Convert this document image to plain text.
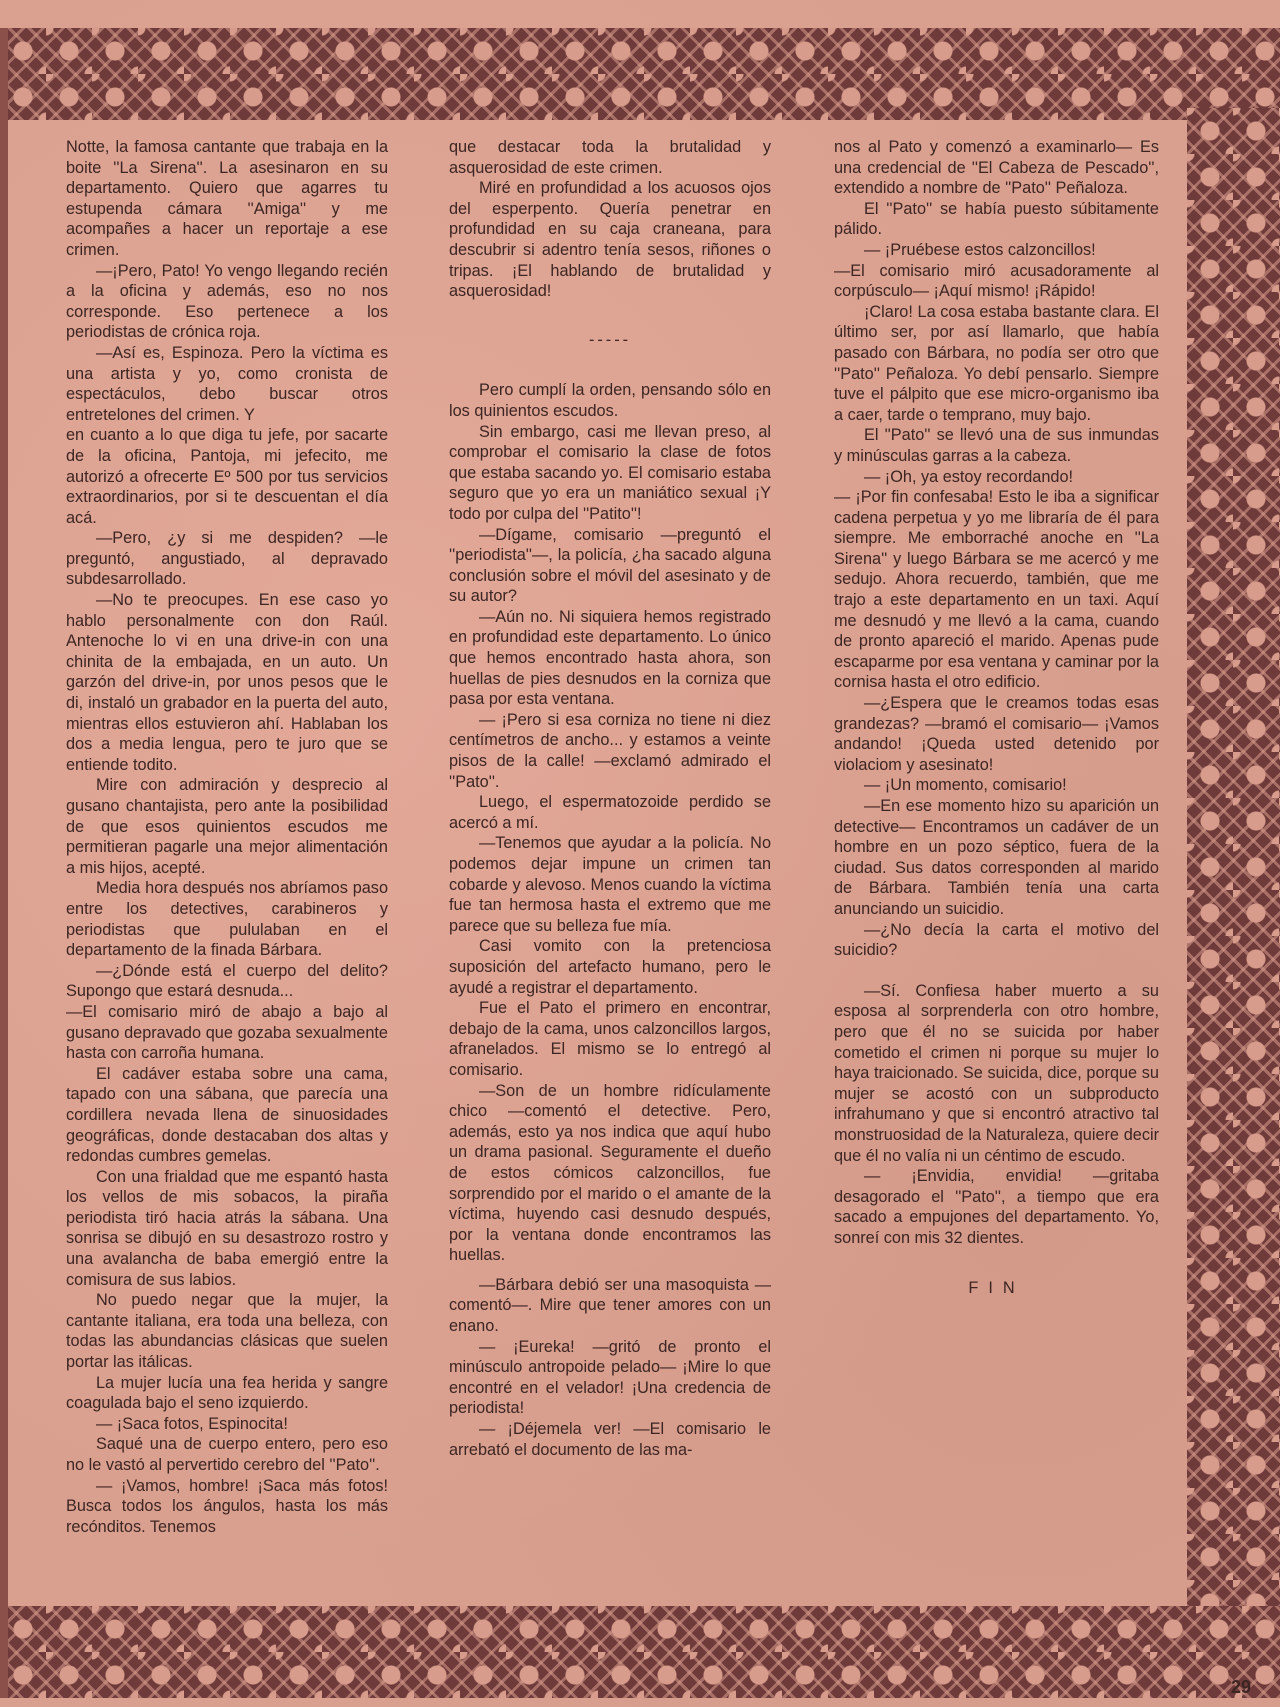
Notte, la famosa cantante que trabaja en la boite ''La Sirena''. La asesinaron en su departamento. Quiero que agarres tu estupenda cámara ''Amiga'' y me acompañes a hacer un reportaje a ese crimen.

—¡Pero, Pato! Yo vengo llegando recién a la oficina y además, eso no nos corresponde. Eso pertenece a los periodistas de crónica roja.

—Así es, Espinoza. Pero la víctima es una artista y yo, como cronista de espectáculos, debo buscar otros entretelones del crimen. Y

en cuanto a lo que diga tu jefe, por sacarte de la oficina, Pantoja, mi jefecito, me autorizó a ofrecerte Eº 500 por tus servicios extraordinarios, por si te descuentan el día acá.

—Pero, ¿y si me despiden? —le preguntó, angustiado, al depravado subdesarrollado.

—No te preocupes. En ese caso yo hablo personalmente con don Raúl. Antenoche lo vi en una drive-in con una chinita de la embajada, en un auto. Un garzón del drive-in, por unos pesos que le di, instaló un grabador en la puerta del auto, mientras ellos estuvieron ahí. Hablaban los dos a media lengua, pero te juro que se entiende todito.

Mire con admiración y desprecio al gusano chantajista, pero ante la posibilidad de que esos quinientos escudos me permitieran pagarle una mejor alimentación a mis hijos, acepté.

Media hora después nos abríamos paso entre los detectives, carabineros y periodistas que pululaban en el departamento de la finada Bárbara.

—¿Dónde está el cuerpo del delito? Supongo que estará desnuda...

—El comisario miró de abajo a bajo al gusano depravado que gozaba sexualmente hasta con carroña humana.

El cadáver estaba sobre una cama, tapado con una sábana, que parecía una cordillera nevada llena de sinuosidades geográficas, donde destacaban dos altas y redondas cumbres gemelas.

Con una frialdad que me espantó hasta los vellos de mis sobacos, la piraña periodista tiró hacia atrás la sábana. Una sonrisa se dibujó en su desastrozo rostro y una avalancha de baba emergió entre la comisura de sus labios.

No puedo negar que la mujer, la cantante italiana, era toda una belleza, con todas las abundancias clásicas que suelen portar las itálicas.

La mujer lucía una fea herida y sangre coagulada bajo el seno izquierdo.

— ¡Saca fotos, Espinocita!

Saqué una de cuerpo entero, pero eso no le vastó al pervertido cerebro del ''Pato''.

— ¡Vamos, hombre! ¡Saca más fotos! Busca todos los ángulos, hasta los más recónditos. Tenemos

que destacar toda la brutalidad y asquerosidad de este crimen.

Miré en profundidad a los acuosos ojos del esperpento. Quería penetrar en profundidad en su caja craneana, para descubrir si adentro tenía sesos, riñones o tripas. ¡El hablando de brutalidad y asquerosidad!

-----

Pero cumplí la orden, pensando sólo en los quinientos escudos.

Sin embargo, casi me llevan preso, al comprobar el comisario la clase de fotos que estaba sacando yo. El comisario estaba seguro que yo era un maniático sexual ¡Y todo por culpa del ''Patito''!

—Dígame, comisario —preguntó el ''periodista''—, la policía, ¿ha sacado alguna conclusión sobre el móvil del asesinato y de su autor?

—Aún no. Ni siquiera hemos registrado en profundidad este departamento. Lo único que hemos encontrado hasta ahora, son huellas de pies desnudos en la corniza que pasa por esta ventana.

— ¡Pero si esa corniza no tiene ni diez centímetros de ancho... y estamos a veinte pisos de la calle! —exclamó admirado el ''Pato''.

Luego, el espermatozoide perdido se acercó a mí.

—Tenemos que ayudar a la policía. No podemos dejar impune un crimen tan cobarde y alevoso. Menos cuando la víctima fue tan hermosa hasta el extremo que me parece que su belleza fue mía.

Casi vomito con la pretenciosa suposición del artefacto humano, pero le ayudé a registrar el departamento.

Fue el Pato el primero en encontrar, debajo de la cama, unos calzoncillos largos, afranelados. El mismo se lo entregó al comisario.

—Son de un hombre ridículamente chico —comentó el detective. Pero, además, esto ya nos indica que aquí hubo un drama pasional. Seguramente el dueño de estos cómicos calzoncillos, fue sorprendido por el marido o el amante de la víctima, huyendo casi desnudo después, por la ventana donde encontramos las huellas.

—Bárbara debió ser una masoquista —comentó—. Mire que tener amores con un enano.

— ¡Eureka! —gritó de pronto el minúsculo antropoide pelado— ¡Mire lo que encontré en el velador! ¡Una credencia de periodista!

— ¡Déjemela ver! —El comisario le arrebató el documento de las ma-

nos al Pato y comenzó a examinarlo— Es una credencial de ''El Cabeza de Pescado'', extendido a nombre de ''Pato'' Peñaloza.

El ''Pato'' se había puesto súbitamente pálido.

— ¡Pruébese estos calzoncillos!

—El comisario miró acusadoramente al corpúsculo— ¡Aquí mismo! ¡Rápido!

¡Claro! La cosa estaba bastante clara. El último ser, por así llamarlo, que había pasado con Bárbara, no podía ser otro que ''Pato'' Peñaloza. Yo debí pensarlo. Siempre tuve el pálpito que ese micro-organismo iba a caer, tarde o temprano, muy bajo.

El ''Pato'' se llevó una de sus inmundas y minúsculas garras a la cabeza.

— ¡Oh, ya estoy recordando!

— ¡Por fin confesaba! Esto le iba a significar cadena perpetua y yo me libraría de él para siempre. Me emborraché anoche en ''La Sirena'' y luego Bárbara se me acercó y me sedujo. Ahora recuerdo, también, que me trajo a este departamento en un taxi. Aquí me desnudó y me llevó a la cama, cuando de pronto apareció el marido. Apenas pude escaparme por esa ventana y caminar por la cornisa hasta el otro edificio.

—¿Espera que le creamos todas esas grandezas? —bramó el comisario— ¡Vamos andando! ¡Queda usted detenido por violaciom y asesinato!

— ¡Un momento, comisario!

—En ese momento hizo su aparición un detective— Encontramos un cadáver de un hombre en un pozo séptico, fuera de la ciudad. Sus datos corresponden al marido de Bárbara. También tenía una carta anunciando un suicidio.

—¿No decía la carta el motivo del suicidio?

—Sí. Confiesa haber muerto a su esposa al sorprenderla con otro hombre, pero que él no se suicida por haber cometido el crimen ni porque su mujer lo haya traicionado. Se suicida, dice, porque su mujer se acostó con un subproducto infrahumano y que si encontró atractivo tal monstruosidad de la Naturaleza, quiere decir que él no valía ni un céntimo de escudo.

— ¡Envidia, envidia! —gritaba desagorado el ''Pato'', a tiempo que era sacado a empujones del departamento. Yo, sonreí con mis 32 dientes.

FIN

29
